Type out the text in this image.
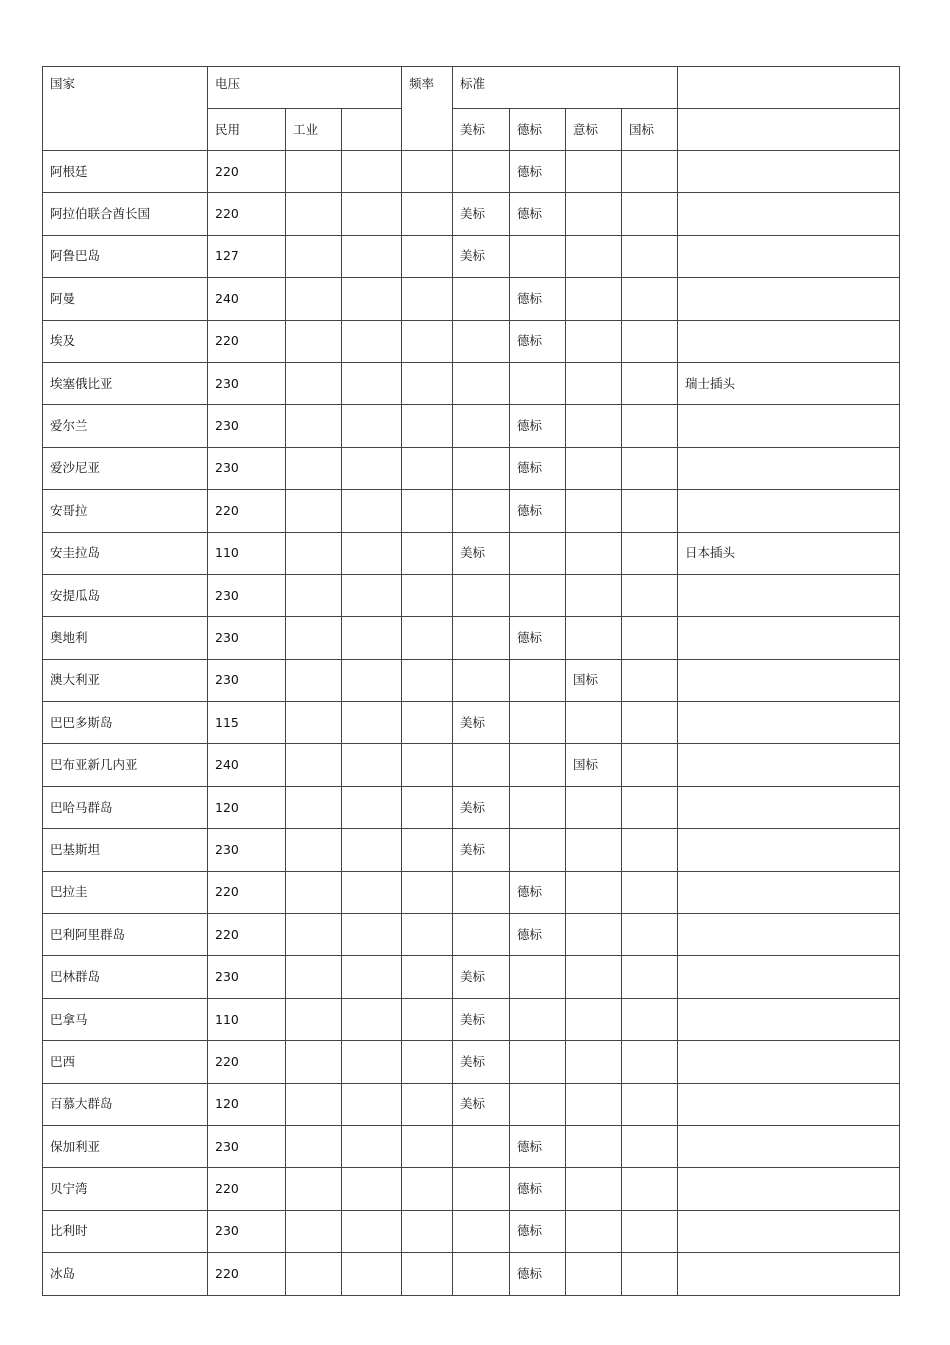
国家	电压			频率	标准				
	民用	工业			美标	德标	意标	国标	
阿根廷	220					德标			
阿拉伯联合酋长国	220				美标	德标			
阿鲁巴岛	127				美标				
阿曼	240					德标			
埃及	220					德标			
埃塞俄比亚	230								瑞士插头
爱尔兰	230					德标			
爱沙尼亚	230					德标			
安哥拉	220					德标			
安圭拉岛	110				美标				日本插头
安提瓜岛	230								
奥地利	230					德标			
澳大利亚	230						国标		
巴巴多斯岛	115				美标				
巴布亚新几内亚	240						国标		
巴哈马群岛	120				美标				
巴基斯坦	230				美标				
巴拉圭	220					德标			
巴利阿里群岛	220					德标			
巴林群岛	230				美标				
巴拿马	110				美标				
巴西	220				美标				
百慕大群岛	120				美标				
保加利亚	230					德标			
贝宁湾	220					德标			
比利时	230					德标			
冰岛	220					德标			
